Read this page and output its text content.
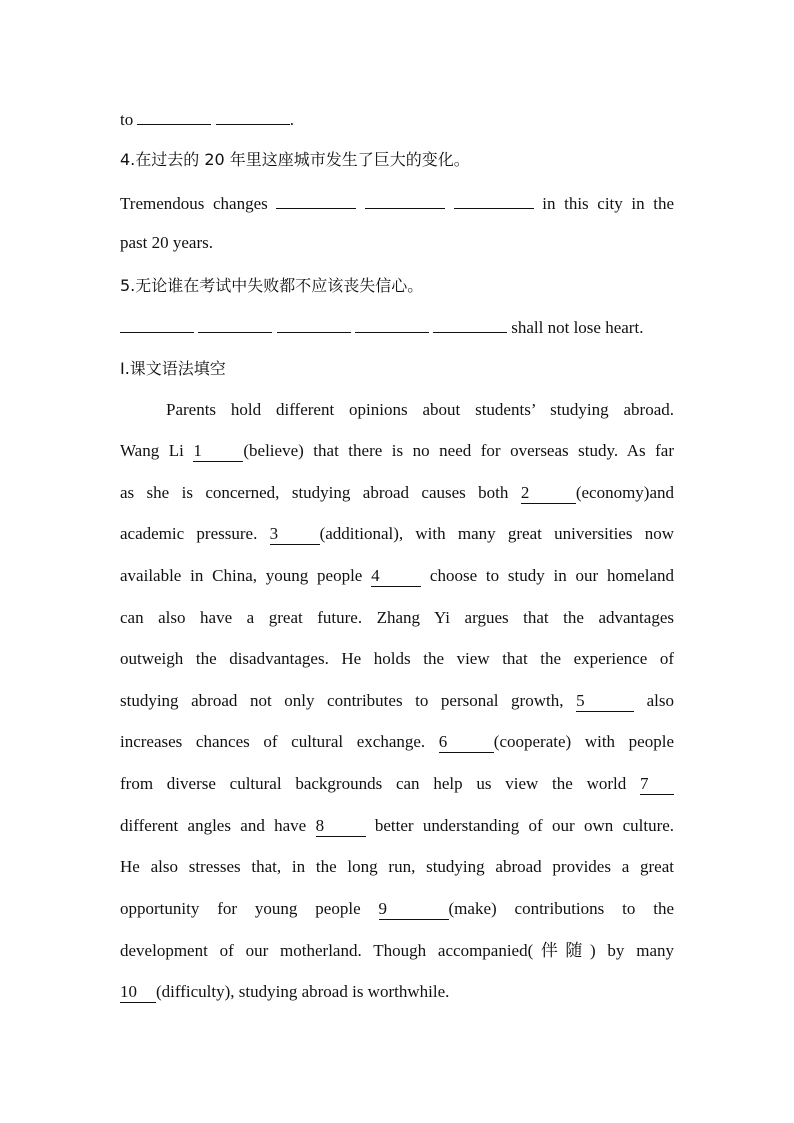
to	.
4.在过去的 20 年里这座城市发生了巨大的变化。
Tremendous changes	in this city in the
past 20 years.
5.无论谁在考试中失败都不应该丧失信心。
shall not lose heart.
Ⅰ.课文语法填空
Parents hold different opinions about students’ studying abroad.
Wang Li 1 (believe) that there is no need for overseas study. As far
as she is concerned, studying abroad causes both 2	(economy)and
academic pressure. 3 (additional), with many great universities now
available in China, young people 4	choose to study in our homeland
can also have a great future. Zhang Yi argues that the advantages
outweigh the disadvantages. He holds the view that the experience of
studying abroad not only contributes to personal growth, 5	also
increases chances of cultural exchange. 6	(cooperate) with people
from diverse cultural backgrounds can help us view the world 7
different angles and have 8	better understanding of our own culture.
He also stresses that, in the long run, studying abroad provides a great
opportunity for young people 9	(make) contributions to the
development of our motherland. Though accompanied(伴随) by many
10 (difficulty), studying abroad is worthwhile.
